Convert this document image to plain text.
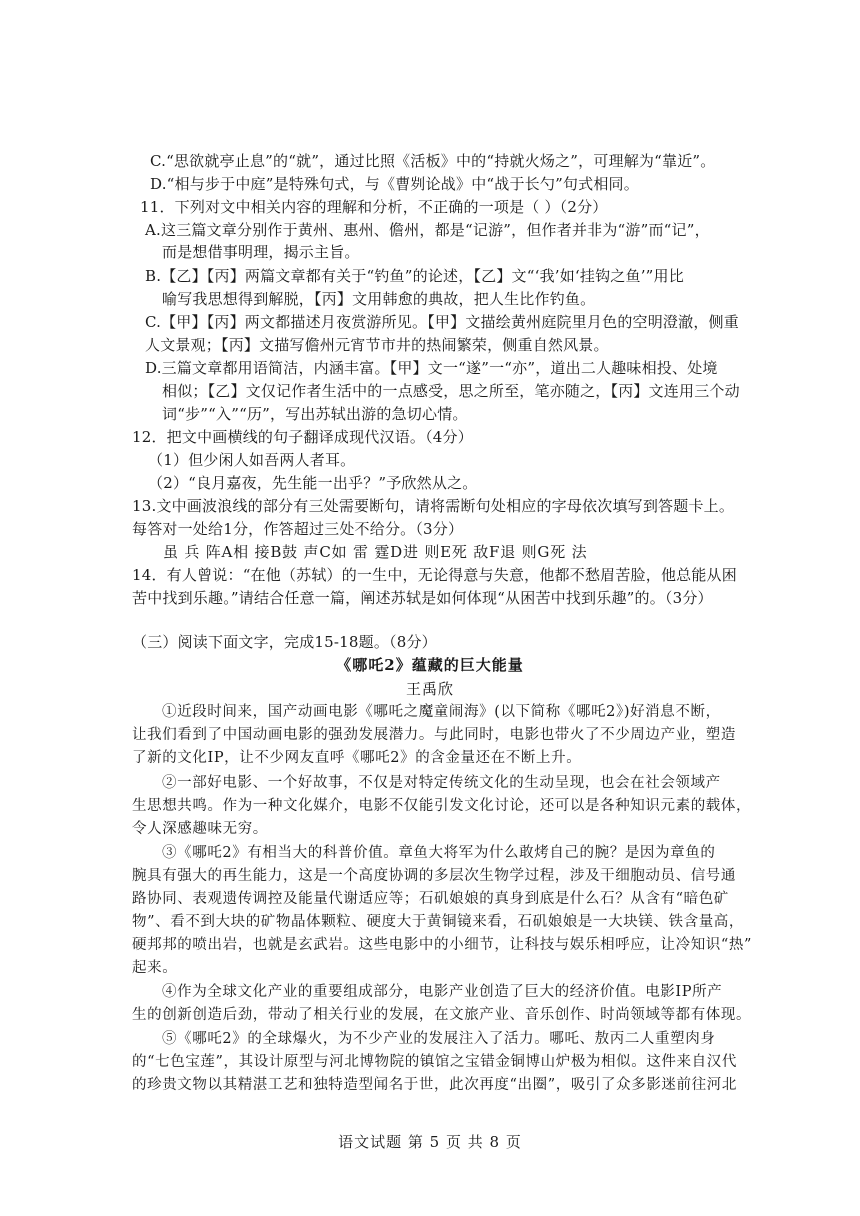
C.“思欲就亭止息”的“就”，通过比照《活板》中的“持就火炀之”，可理解为“靠近”。
D.“相与步于中庭”是特殊句式，与《曹刿论战》中“战于长勺”句式相同。
11．下列对文中相关内容的理解和分析，不正确的一项是（ ）（2分）
A.这三篇文章分别作于黄州、惠州、儋州，都是“记游”，但作者并非为“游”而“记”，
而是想借事明理，揭示主旨。
B.【乙】【丙】两篇文章都有关于“钓鱼”的论述，【乙】文“‘我’如‘挂钩之鱼’”用比
喻写我思想得到解脱，【丙】文用韩愈的典故，把人生比作钓鱼。
C.【甲】【丙】两文都描述月夜赏游所见。【甲】文描绘黄州庭院里月色的空明澄澈，侧重
人文景观；【丙】文描写儋州元宵节市井的热闹繁荣，侧重自然风景。
D.三篇文章都用语简洁，内涵丰富。【甲】文一“遂”一“亦”，道出二人趣味相投、处境
相似；【乙】文仅记作者生活中的一点感受，思之所至，笔亦随之，【丙】文连用三个动
词“步”“入”“历”，写出苏轼出游的急切心情。
12．把文中画横线的句子翻译成现代汉语。（4分）
（1）但少闲人如吾两人者耳。
（2）“良月嘉夜，先生能一出乎？”予欣然从之。
13.文中画波浪线的部分有三处需要断句，请将需断句处相应的字母依次填写到答题卡上。
每答对一处给1分，作答超过三处不给分。（3分）
虽 兵 阵A相 接B鼓 声C如 雷 霆D进 则E死 敌F退 则G死 法
14．有人曾说：“在他（苏轼）的一生中，无论得意与失意，他都不愁眉苦脸，他总能从困
苦中找到乐趣。”请结合任意一篇，阐述苏轼是如何体现“从困苦中找到乐趣”的。（3分）
（三）阅读下面文字，完成15-18题。（8分）
《哪吒2》蕴藏的巨大能量
王禹欣
①近段时间来，国产动画电影《哪吒之魔童闹海》(以下简称《哪吒2》)好消息不断，
让我们看到了中国动画电影的强劲发展潜力。与此同时，电影也带火了不少周边产业，塑造
了新的文化IP，让不少网友直呼《哪吒2》的含金量还在不断上升。
②一部好电影、一个好故事，不仅是对特定传统文化的生动呈现，也会在社会领域产
生思想共鸣。作为一种文化媒介，电影不仅能引发文化讨论，还可以是各种知识元素的载体，
令人深感趣味无穷。
③《哪吒2》有相当大的科普价值。章鱼大将军为什么敢烤自己的腕？是因为章鱼的
腕具有强大的再生能力，这是一个高度协调的多层次生物学过程，涉及干细胞动员、信号通
路协同、表观遗传调控及能量代谢适应等；石矶娘娘的真身到底是什么石？从含有“暗色矿
物”、看不到大块的矿物晶体颗粒、硬度大于黄铜镜来看，石矶娘娘是一大块镁、铁含量高，
硬邦邦的喷出岩，也就是玄武岩。这些电影中的小细节，让科技与娱乐相呼应，让冷知识“热”
起来。
④作为全球文化产业的重要组成部分，电影产业创造了巨大的经济价值。电影IP所产
生的创新创造后劲，带动了相关行业的发展，在文旅产业、音乐创作、时尚领域等都有体现。
⑤《哪吒2》的全球爆火，为不少产业的发展注入了活力。哪吒、敖丙二人重塑肉身
的“七色宝莲”，其设计原型与河北博物院的镇馆之宝错金铜博山炉极为相似。这件来自汉代
的珍贵文物以其精湛工艺和独特造型闻名于世，此次再度“出圈”，吸引了众多影迷前往河北
语文试题 第 5 页 共 8 页
